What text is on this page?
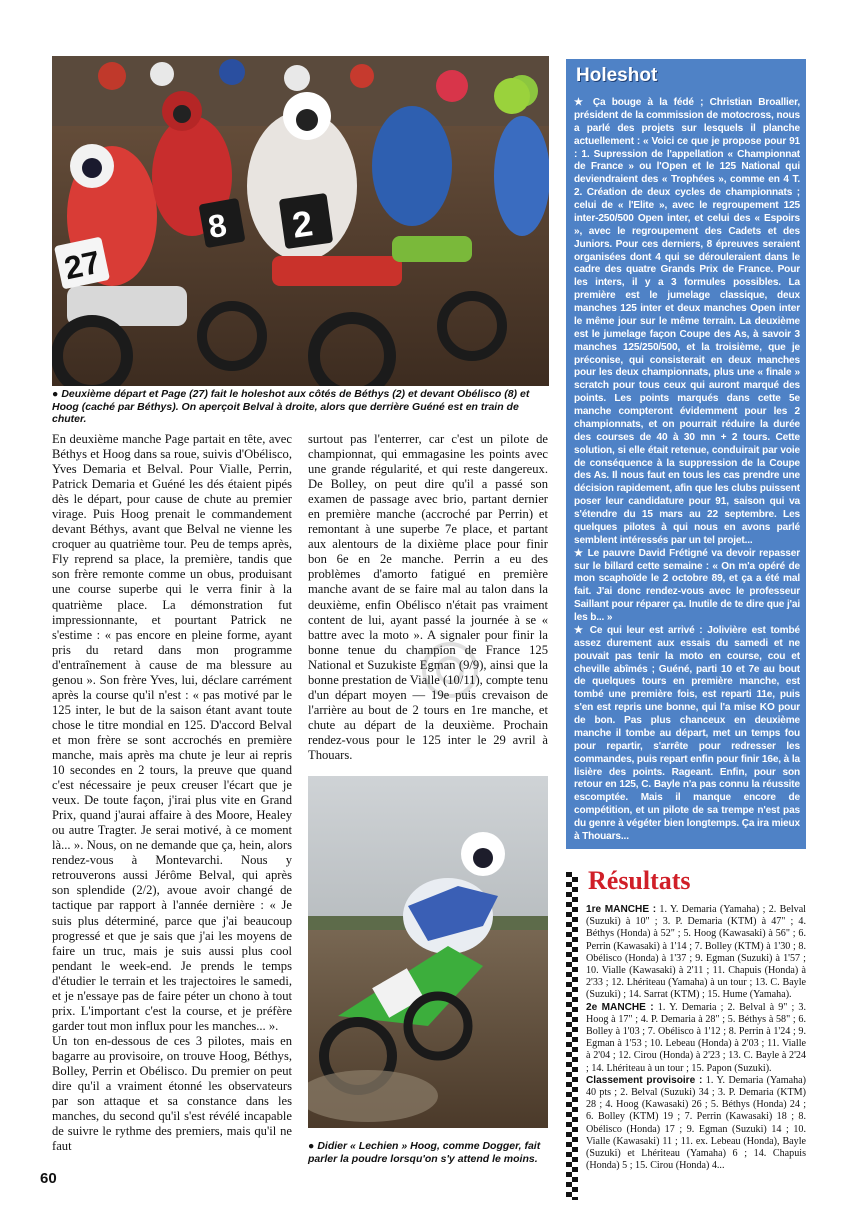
27
8 2
● Deuxième départ et Page (27) fait le holeshot aux côtés de Béthys (2) et devant Obélisco (8) et Hoog (caché par Béthys). On aperçoit Belval à droite, alors que derrière Guéné est en train de chuter.

En deuxième manche Page partait en tête, avec Béthys et Hoog dans sa roue, suivis d'Obélisco, Yves Demaria et Belval. Pour Vialle, Perrin, Patrick Demaria et Guéné les dés étaient pipés dès le départ, pour cause de chute au premier virage. Puis Hoog prenait le commandement devant Béthys, avant que Belval ne vienne les croquer au quatrième tour. Peu de temps après, Fly reprend sa place, la première, tandis que son frère remonte comme un obus, produisant une course superbe qui le verra finir à la quatrième place. La démonstration fut impressionnante, et pourtant Patrick ne s'estime : « pas encore en pleine forme, ayant pris du retard dans mon programme d'entraînement à cause de ma blessure au genou ». Son frère Yves, lui, déclare carrément après la course qu'il n'est : « pas motivé par le 125 inter, le but de la saison étant avant toute chose le titre mondial en 125. D'accord Belval et mon frère se sont accrochés en première manche, mais après ma chute je leur ai repris 10 secondes en 2 tours, la preuve que quand c'est nécessaire je peux creuser l'écart que je veux. De toute façon, j'irai plus vite en Grand Prix, quand j'aurai affaire à des Moore, Healey ou autre Tragter. Je serai motivé, à ce moment là... ». Nous, on ne demande que ça, hein, alors rendez-vous à Montevarchi. Nous y retrouverons aussi Jérôme Belval, qui après son splendide (2/2), avoue avoir changé de tactique par rapport à l'année dernière : « Je suis plus déterminé, parce que j'ai beaucoup progressé et que je sais que j'ai les moyens de faire un truc, mais je suis aussi plus cool pendant le week-end. Je prends le temps d'étudier le terrain et les trajectoires le samedi, et je n'essaye pas de faire péter un chono à tout prix. L'important c'est la course, et je préfère garder tout mon influx pour les manches... ».

Un ton en-dessous de ces 3 pilotes, mais en bagarre au provisoire, on trouve Hoog, Béthys, Bolley, Perrin et Obélisco. Du premier on peut dire qu'il a vraiment étonné les observateurs par son attaque et sa constance dans les manches, du second qu'il s'est révélé incapable de suivre le rythme des premiers, mais qu'il ne faut

surtout pas l'enterrer, car c'est un pilote de championnat, qui emmagasine les points avec une grande régularité, et qui reste dangereux. De Bolley, on peut dire qu'il a passé son examen de passage avec brio, partant dernier en première manche (accroché par Perrin) et remontant à une superbe 7e place, et partant aux alentours de la dixième place pour finir bon 6e en 2e manche. Perrin a eu des problèmes d'amorto fatigué en première manche avant de se faire mal au talon dans la deuxième, enfin Obélisco n'était pas vraiment content de lui, ayant passé la journée à se « battre avec la moto ». A signaler pour finir la bonne tenue du champion de France 125 National et Suzukiste Egman (9/9), ainsi que la bonne prestation de Vialle (10/11), compte tenu d'un départ moyen — 19e puis crevaison de l'arrière au bout de 2 tours en 1re manche, et chute au départ de la deuxième. Prochain rendez-vous pour le 125 inter le 29 avril à Thouars.

● Didier « Lechien » Hoog, comme Dogger, fait parler la poudre lorsqu'on s'y attend le moins.
Holeshot

★ Ça bouge à la fédé ; Christian Broallier, président de la commission de motocross, nous a parlé des projets sur lesquels il planche actuellement : « Voici ce que je propose pour 91 : 1. Supression de l'appellation « Championnat de France » ou l'Open et le 125 National qui deviendraient des « Trophées », comme en 4 T. 2. Création de deux cycles de championnats ; celui de « l'Elite », avec le regroupement 125 inter-250/500 Open inter, et celui des « Espoirs », avec le regroupement des Cadets et des Juniors. Pour ces derniers, 8 épreuves seraient organisées dont 4 qui se dérouleraient dans le cadre des quatre Grands Prix de France. Pour les inters, il y a 3 formules possibles. La première est le jumelage classique, deux manches 125 inter et deux manches Open inter le même jour sur le même terrain. La deuxième est le jumelage façon Coupe des As, à savoir 3 manches 125/250/500, et la troisième, que je préconise, qui consisterait en deux manches pour les deux championnats, plus une « finale » scratch pour tous ceux qui auront marqué des points. Les points marqués dans cette 5e manche compteront évidemment pour les 2 championnats, et on pourrait réduire la durée des courses de 40 à 30 mn + 2 tours. Cette solution, si elle était retenue, conduirait par voie de conséquence à la suppression de la Coupe des As. Il nous faut en tous les cas prendre une décision rapidement, afin que les clubs puissent poser leur candidature pour 91, saison qui va s'étendre du 15 mars au 22 septembre. Les quelques pilotes à qui nous en avons parlé semblent intéressés par un tel projet...

★ Le pauvre David Frétigné va devoir repasser sur le billard cette semaine : « On m'a opéré de mon scaphoïde le 2 octobre 89, et ça a été mal fait. J'ai donc rendez-vous avec le professeur Saillant pour réparer ça. Inutile de te dire que j'ai les b... »

★ Ce qui leur est arrivé : Jolivière est tombé assez durement aux essais du samedi et ne pouvait pas tenir la moto en course, cou et cheville abîmés ; Guéné, parti 10 et 7e au bout de quelques tours en première manche, est tombé une première fois, est reparti 11e, puis s'en est repris une bonne, qui l'a mise KO pour de bon. Pas plus chanceux en deuxième manche il tombe au départ, met un temps fou pour repartir, s'arrête pour redresser les commandes, puis repart enfin pour finir 16e, à la lisière des points. Rageant. Enfin, pour son retour en 125, C. Bayle n'a pas connu la réussite escomptée. Mais il manque encore de compétition, et un pilote de sa trempe n'est pas du genre à végéter bien longtemps. Ça ira mieux à Thouars...

Résultats

1re MANCHE : 1. Y. Demaria (Yamaha) ; 2. Belval (Suzuki) à 10" ; 3. P. Demaria (KTM) à 47" ; 4. Béthys (Honda) à 52" ; 5. Hoog (Kawasaki) à 56" ; 6. Perrin (Kawasaki) à 1'14 ; 7. Bolley (KTM) à 1'30 ; 8. Obélisco (Honda) à 1'37 ; 9. Egman (Suzuki) à 1'57 ; 10. Vialle (Kawasaki) à 2'11 ; 11. Chapuis (Honda) à 2'33 ; 12. Lhériteau (Yamaha) à un tour ; 13. C. Bayle (Suzuki) ; 14. Sarrat (KTM) ; 15. Hume (Yamaha).

2e MANCHE : 1. Y. Demaria ; 2. Belval à 9" ; 3. Hoog à 17" ; 4. P. Demaria à 28" ; 5. Béthys à 58" ; 6. Bolley à 1'03 ; 7. Obélisco à 1'12 ; 8. Perrin à 1'24 ; 9. Egman à 1'53 ; 10. Lebeau (Honda) à 2'03 ; 11. Vialle à 2'04 ; 12. Cirou (Honda) à 2'23 ; 13. C. Bayle à 2'24 ; 14. Lhériteau à un tour ; 15. Papon (Suzuki).

Classement provisoire : 1. Y. Demaria (Yamaha) 40 pts ; 2. Belval (Suzuki) 34 ; 3. P. Demaria (KTM) 28 ; 4. Hoog (Kawasaki) 26 ; 5. Béthys (Honda) 24 ; 6. Bolley (KTM) 19 ; 7. Perrin (Kawasaki) 18 ; 8. Obélisco (Honda) 17 ; 9. Egman (Suzuki) 14 ; 10. Vialle (Kawasaki) 11 ; 11. ex. Lebeau (Honda), Bayle (Suzuki) et Lhériteau (Yamaha) 6 ; 14. Chapuis (Honda) 5 ; 15. Cirou (Honda) 4...

60
